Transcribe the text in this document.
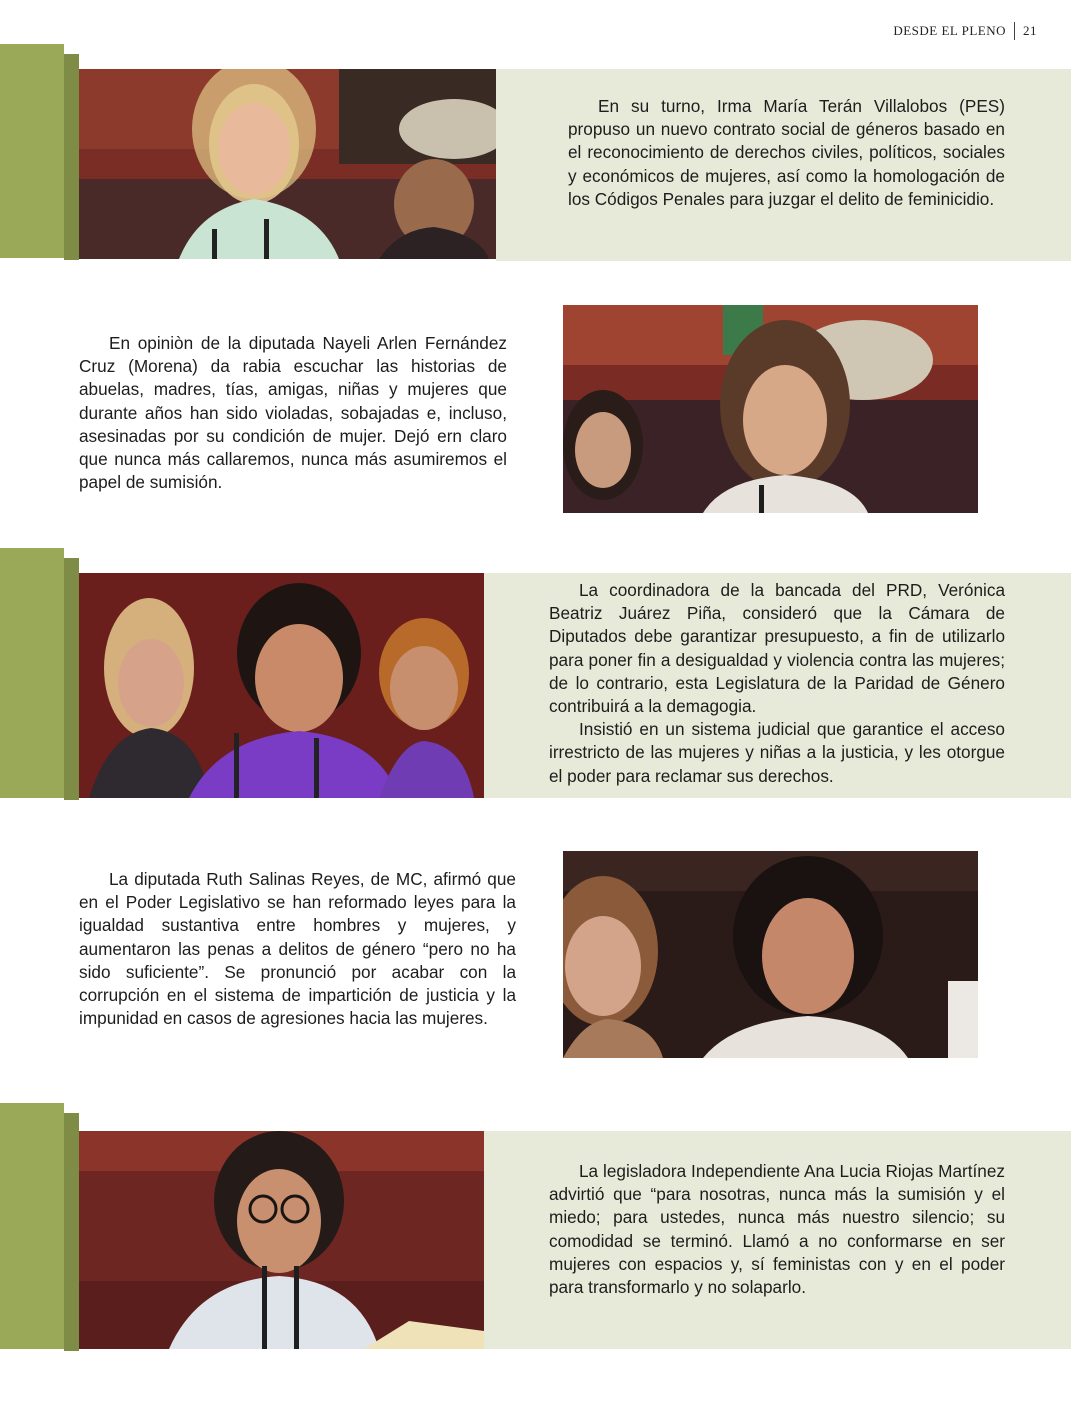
DESDE EL PLENO 21

En su turno, Irma María Terán Villalobos (PES) propuso un nuevo contrato social de géneros basado en el reconocimiento de derechos civiles, políticos, sociales y económicos de mujeres, así como la homologación de los Códigos Penales para juzgar el delito de feminicidio.

En opiniòn de la diputada Nayeli Arlen Fernández Cruz (Morena) da rabia escuchar las historias de abuelas, madres, tías, amigas, niñas y mujeres que durante años han sido violadas, sobajadas e, incluso, asesinadas por su condición de mujer. Dejó ern claro que nunca más callaremos, nunca más asumiremos el papel de sumisión.

La coordinadora de la bancada del PRD, Verónica Beatriz Juárez Piña, consideró que la Cámara de Diputados debe garantizar presupuesto, a fin de utilizarlo para poner fin a desigualdad y violencia contra las mujeres; de lo contrario, esta Legislatura de la Paridad de Género contribuirá a la demagogia.

Insistió en un sistema judicial que garantice el acceso irrestricto de las mujeres y niñas a la justicia, y les otorgue el poder para reclamar sus derechos.

La diputada Ruth Salinas Reyes, de MC, afirmó que en el Poder Legislativo se han reformado leyes para la igualdad sustantiva entre hombres y mujeres, y aumentaron las penas a delitos de género “pero no ha sido suficiente”. Se pronunció por acabar con la corrupción en el sistema de impartición de justicia y la impunidad en casos de agresiones hacia las mujeres.

La legisladora Independiente Ana Lucia Riojas Martínez advirtió que “para nosotras, nunca más la sumisión y el miedo; para ustedes, nunca más nuestro silencio; su comodidad se terminó. Llamó a no conformarse en ser mujeres con espacios y, sí feministas con y en el poder para transformarlo y no solaparlo.
